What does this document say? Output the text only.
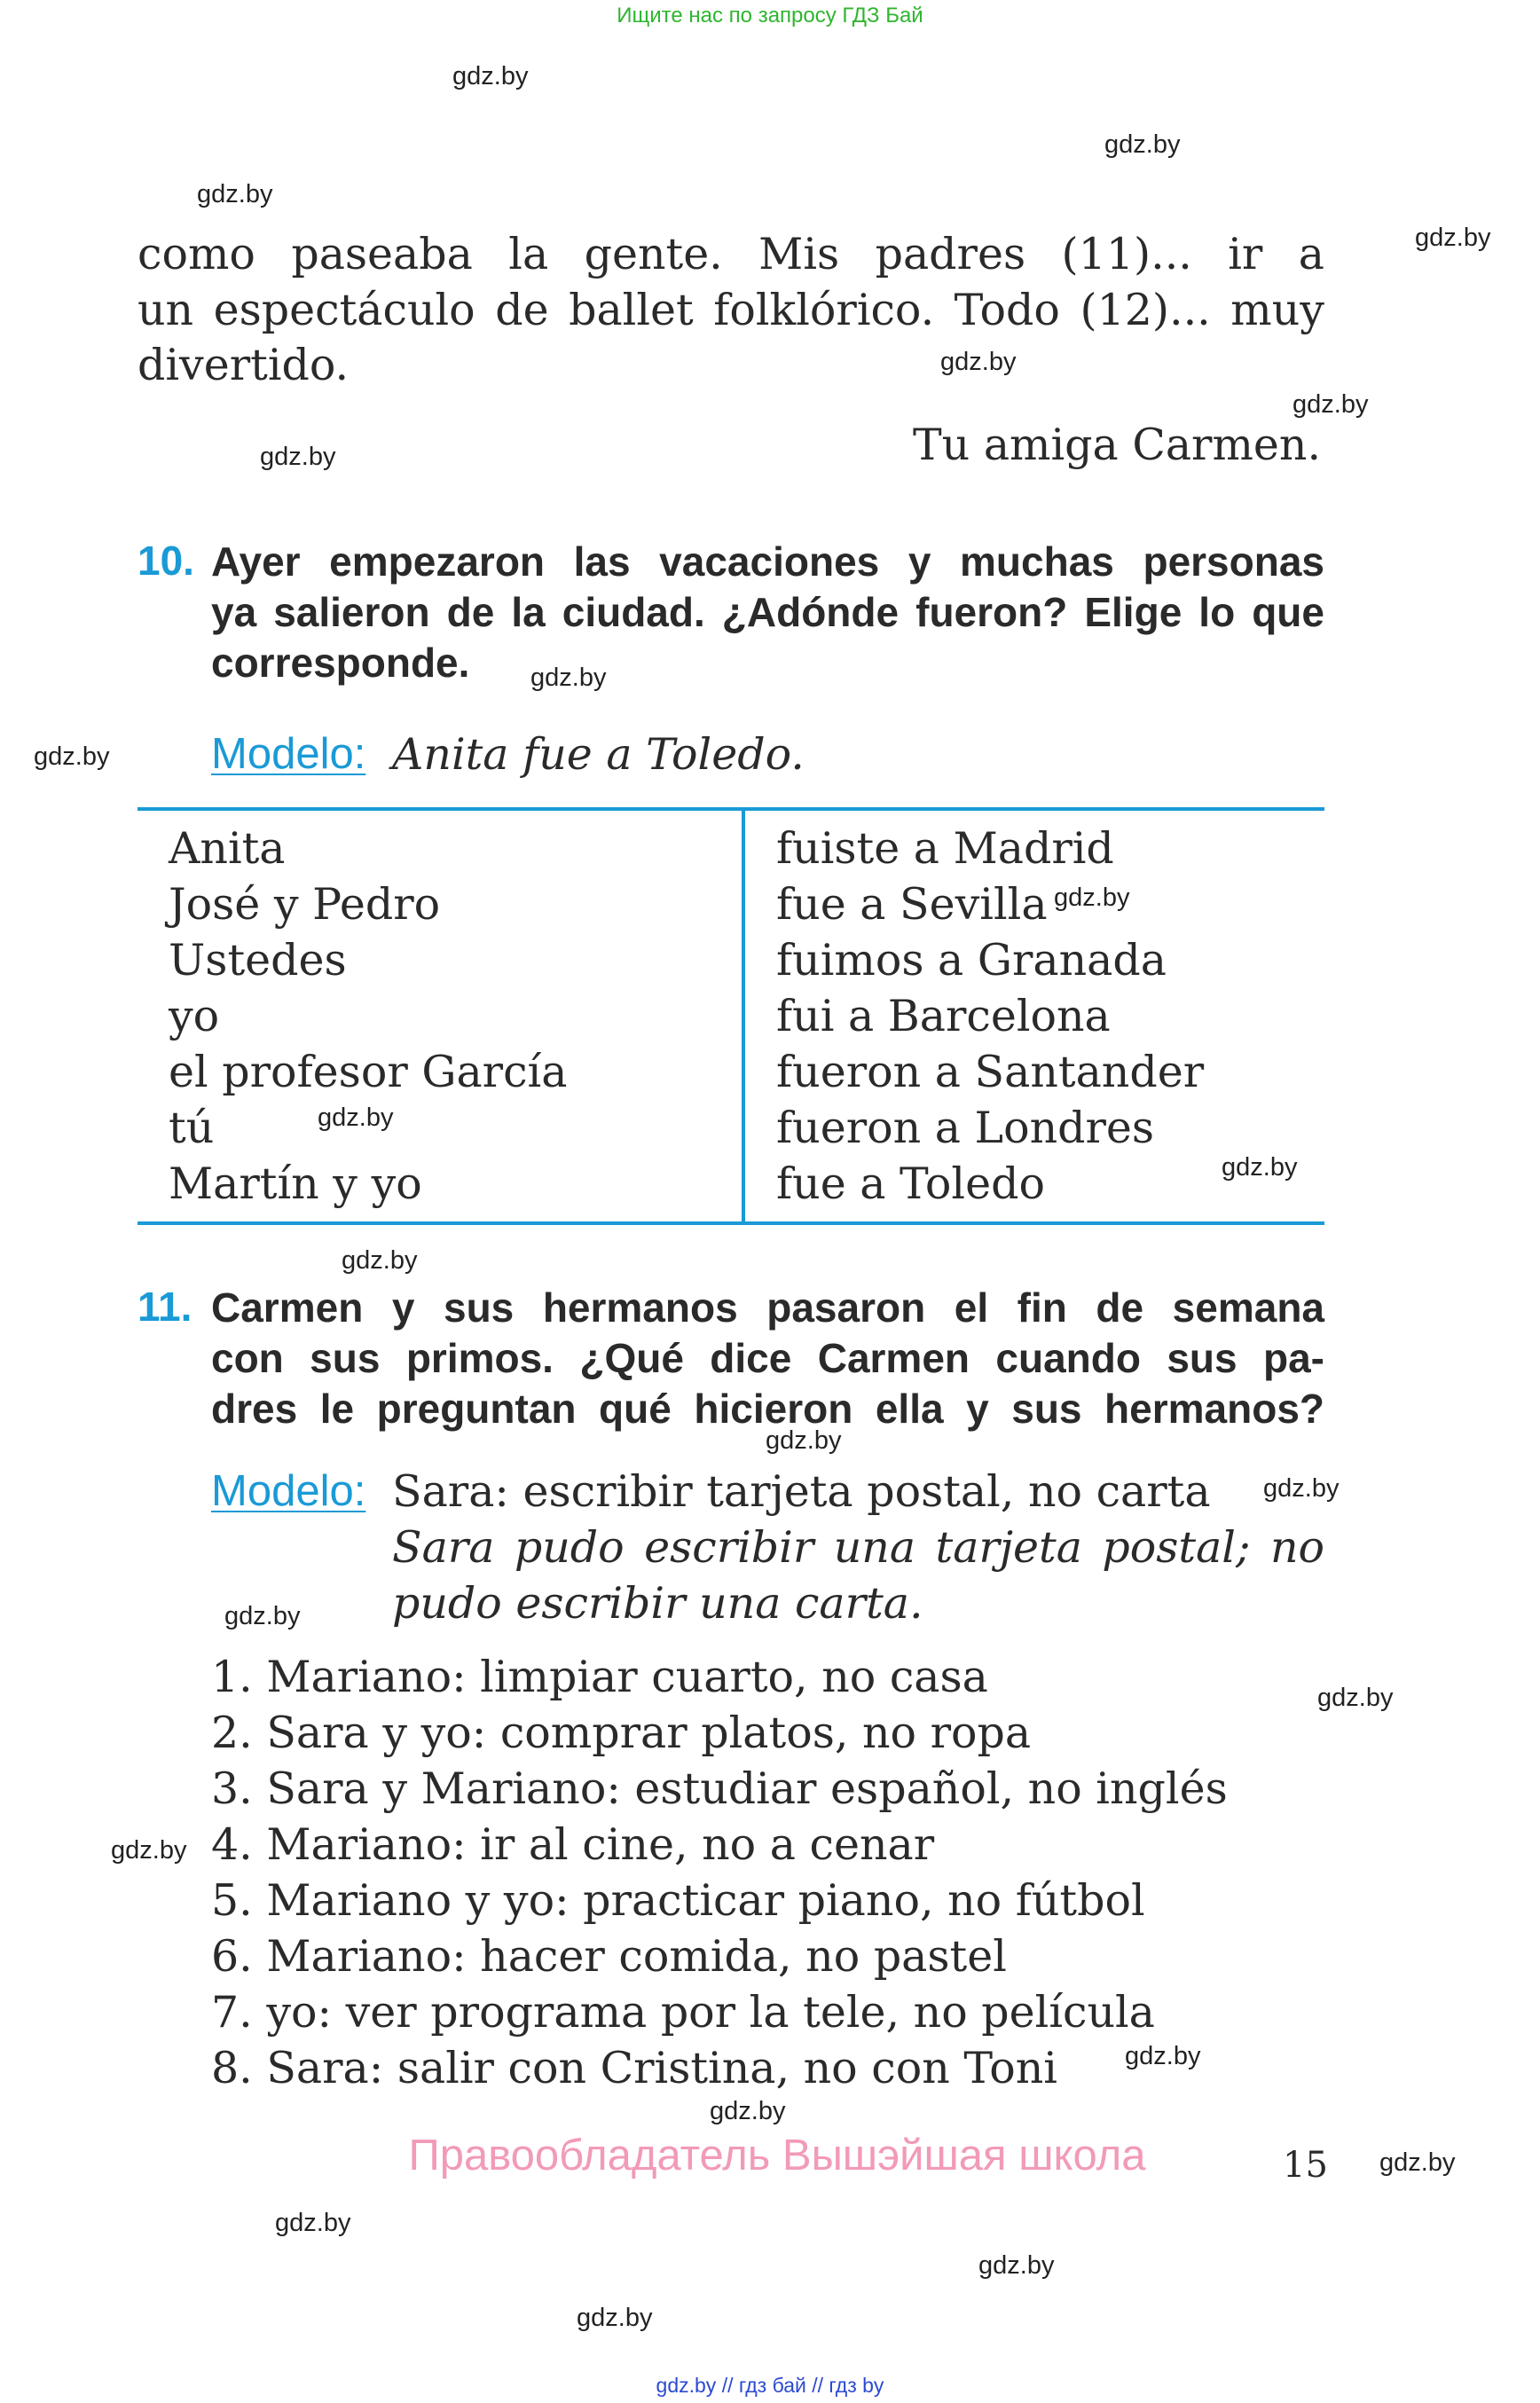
Ищите нас по запросу ГДЗ Бай
gdz.by
gdz.by
gdz.by
gdz.by
gdz.by
gdz.by
gdz.by
gdz.by
gdz.by
gdz.by
gdz.by
gdz.by
gdz.by
gdz.by
gdz.by
gdz.by
gdz.by
gdz.by
gdz.by
gdz.by
gdz.by
gdz.by
gdz.by
gdz.by
como paseaba la gente. Mis padres (11)... ir a
un espectáculo de ballet folklórico. Todo (12)... muy
divertido.
Tu amiga Carmen.
10. Ayer empezaron las vacaciones y muchas personas
ya salieron de la ciudad. ¿Adónde fueron? Elige lo que
corresponde.
Modelo: Anita fue a Toledo.
Anita
José y Pedro
Ustedes
yo
el profesor García
tú
Martín y yo
fuiste a Madrid
fue a Sevilla
fuimos a Granada
fui a Barcelona
fueron a Santander
fueron a Londres
fue a Toledo
11. Carmen y sus hermanos pasaron el fin de semana
con sus primos. ¿Qué dice Carmen cuando sus pa-
dres le preguntan qué hicieron ella y sus hermanos?
Modelo: Sara: escribir tarjeta postal, no carta
Sara pudo escribir una tarjeta postal; no
pudo escribir una carta.
1. Mariano: limpiar cuarto, no casa
2. Sara y yo: comprar platos, no ropa
3. Sara y Mariano: estudiar español, no inglés
4. Mariano: ir al cine, no a cenar
5. Mariano y yo: practicar piano, no fútbol
6. Mariano: hacer comida, no pastel
7. yo: ver programa por la tele, no película
8. Sara: salir con Cristina, no con Toni
Правообладатель Вышэйшая школа	15
gdz.by // гдз бай // гдз by
